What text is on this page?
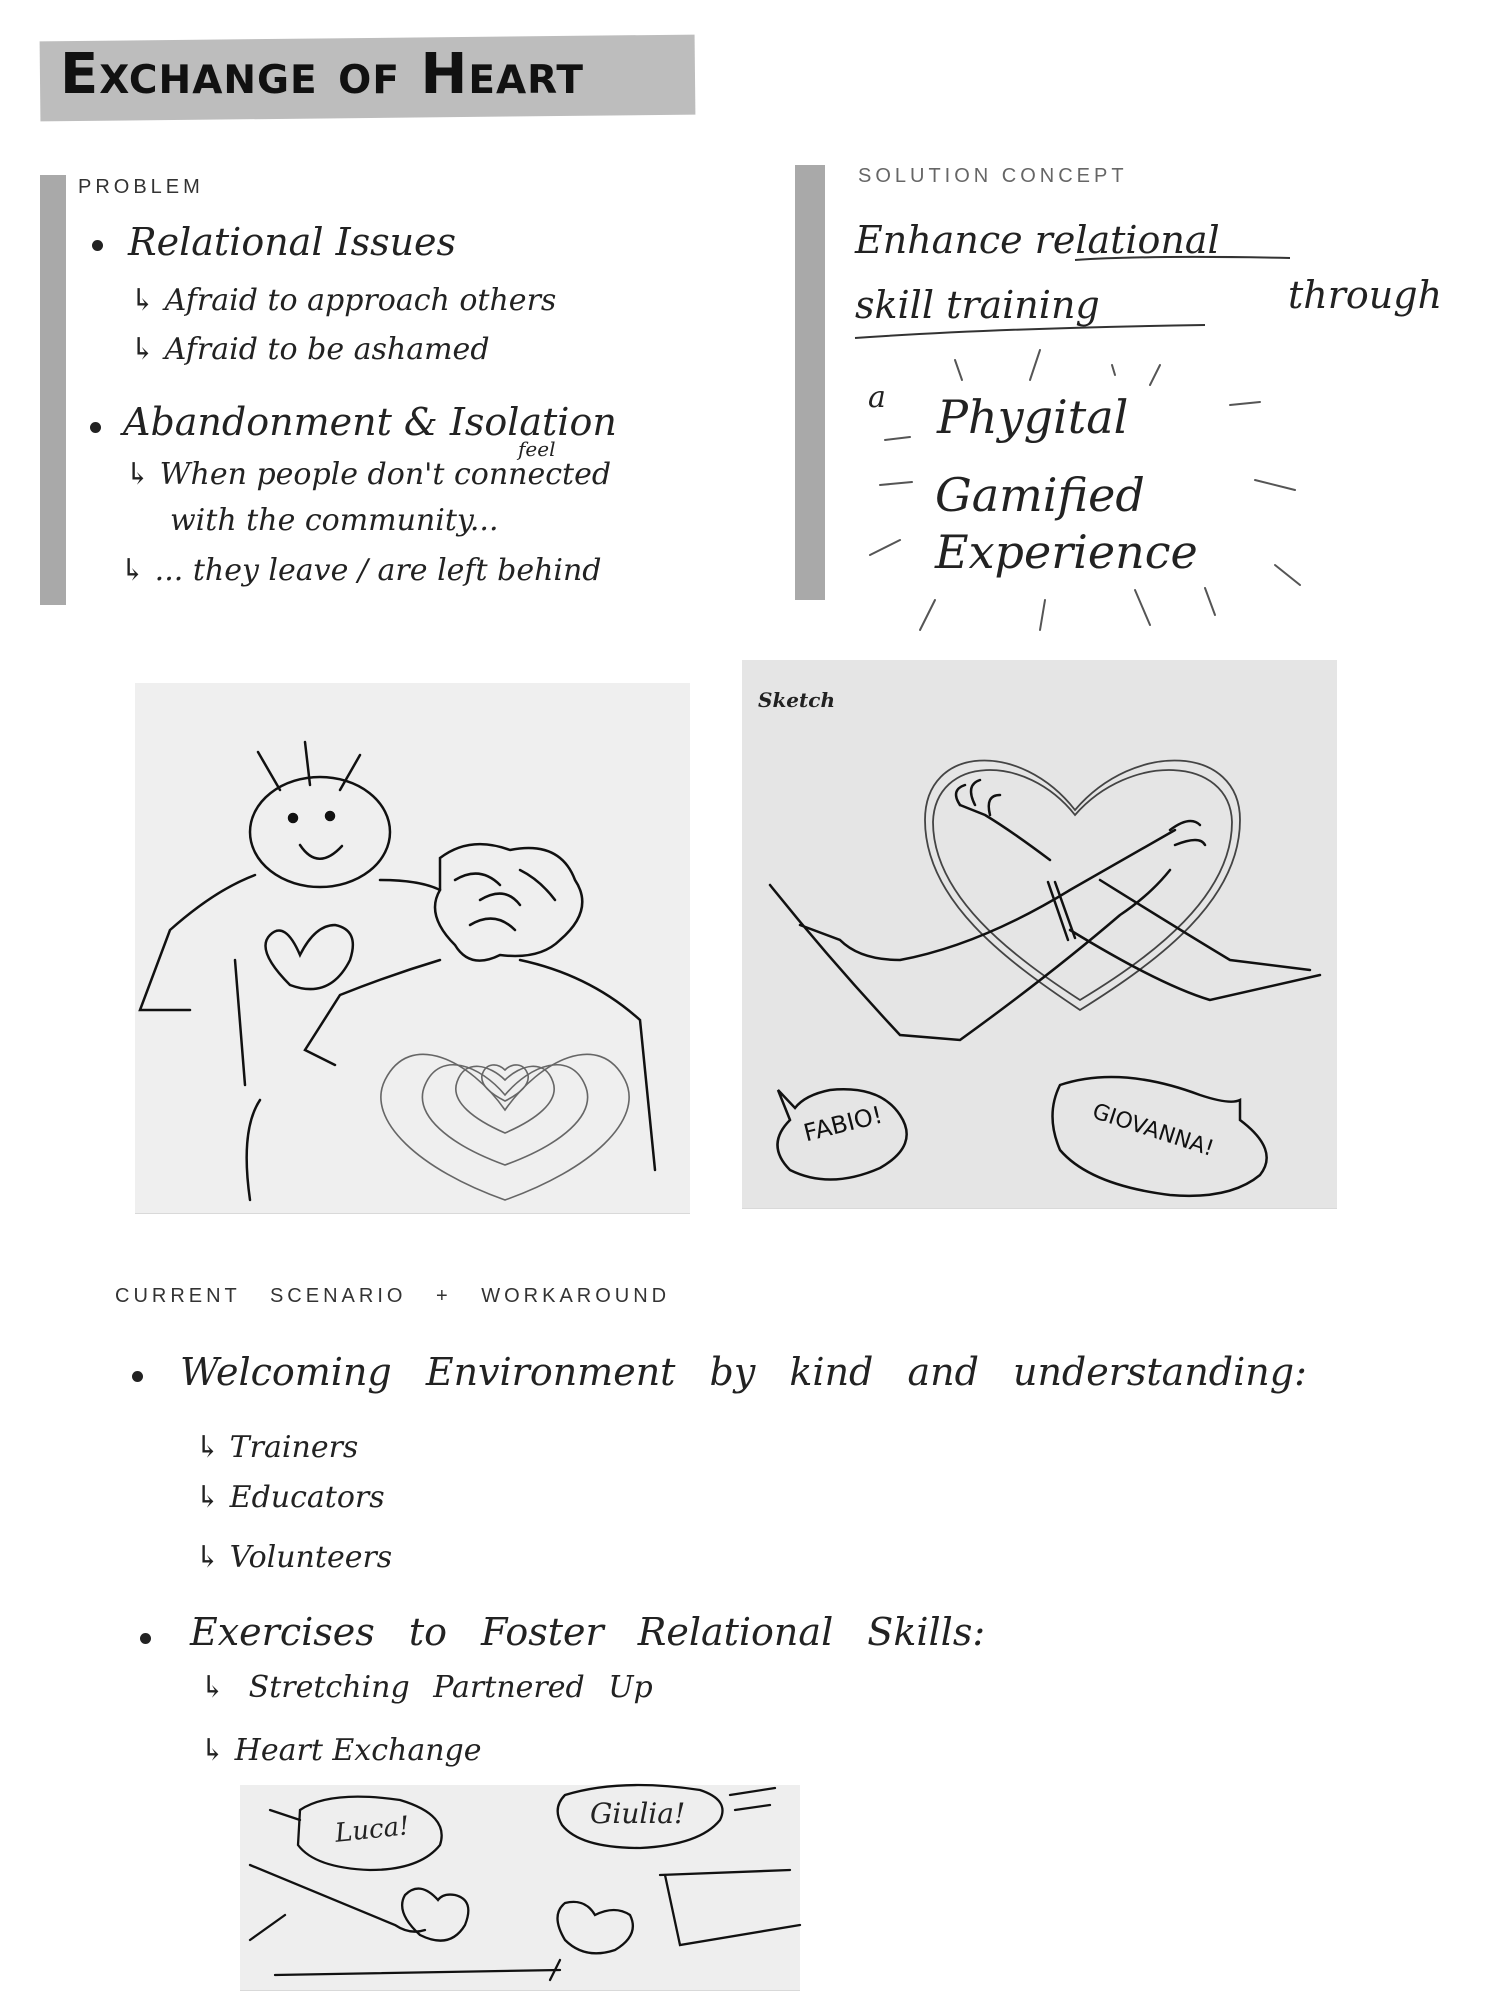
Exchange of Heart
PROBLEM
Relational Issues
↳ Afraid to approach others
↳ Afraid to be ashamed
Abandonment & Isolation
feel
↳ When people don't connected
with the community...
↳ ... they leave / are left behind
SOLUTION CONCEPT
Enhance relational
skill training	through
a Phygital
Gamified
Experience
Sketch
FABIO!	GIOVANNA!
CURRENT SCENARIO + WORKAROUND
Welcoming Environment by kind and understanding:
↳ Trainers
↳ Educators
↳ Volunteers
Exercises to Foster Relational Skills:
↳ Stretching Partnered Up
↳ Heart Exchange
Luca!	Giulia!
